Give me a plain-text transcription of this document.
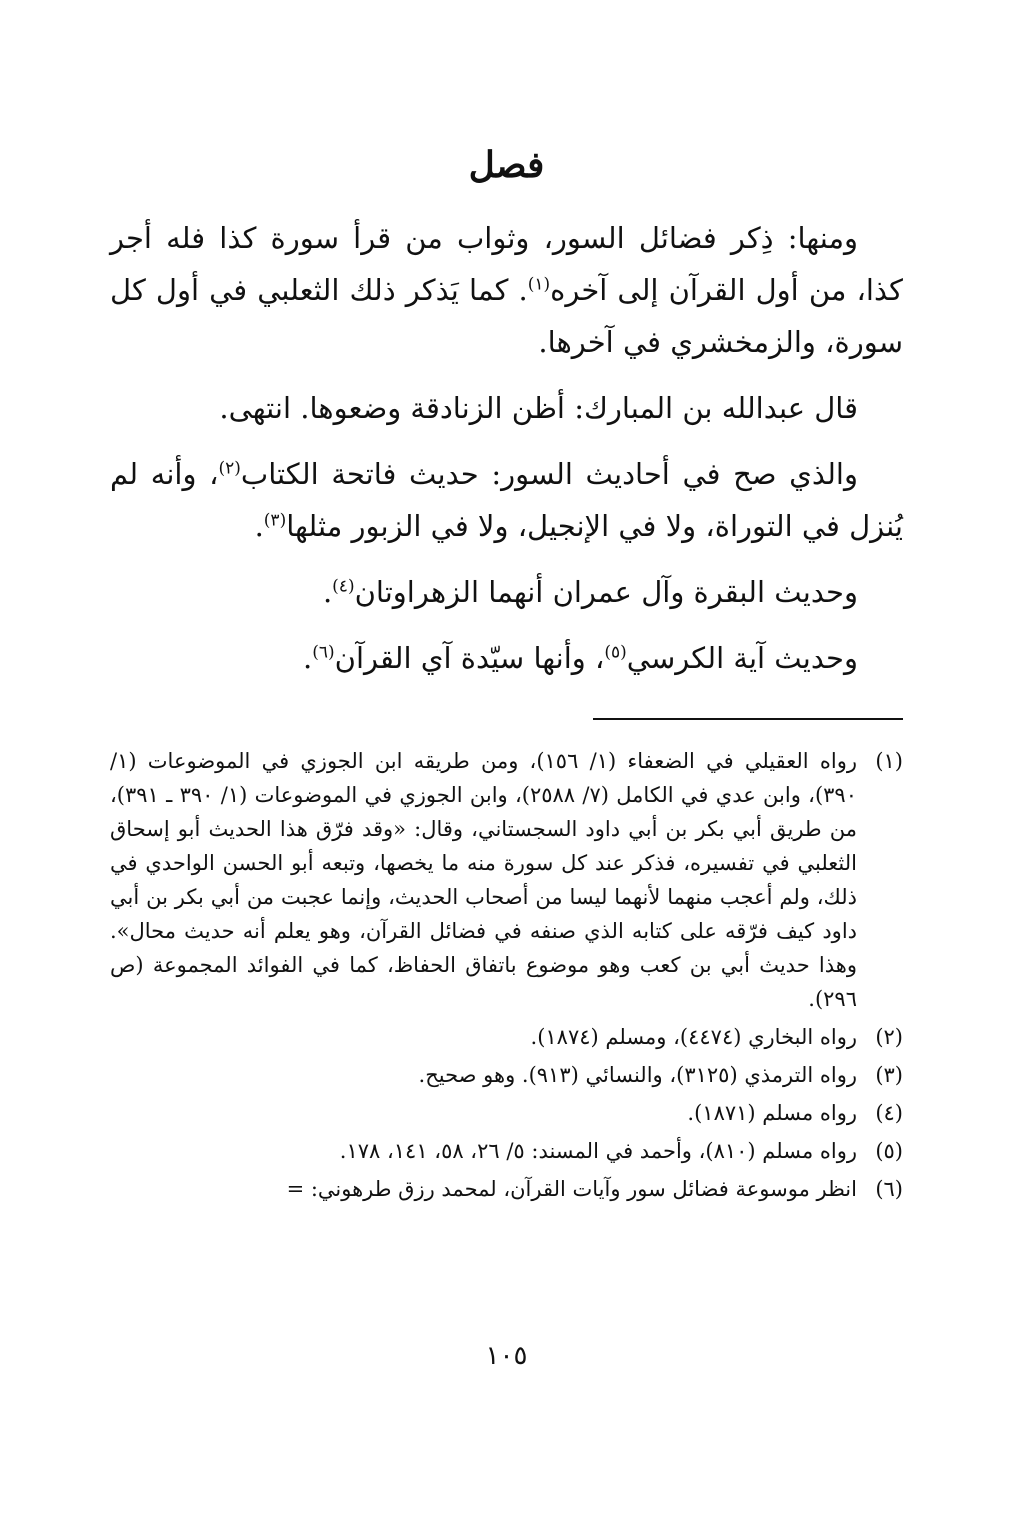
فصل

ومنها: ذِكر فضائل السور، وثواب من قرأ سورة كذا فله أجر كذا، من أول القرآن إلى آخره$^{(١)}$. كما يَذكر ذلك الثعلبي في أول كل سورة، والزمخشري في آخرها.

قال عبدالله بن المبارك: أظن الزنادقة وضعوها. انتهى.

والذي صح في أحاديث السور: حديث فاتحة الكتاب$^{(٢)}$، وأنه لم يُنزل في التوراة، ولا في الإنجيل، ولا في الزبور مثلها$^{(٣)}$.

وحديث البقرة وآل عمران أنهما الزهراوتان$^{(٤)}$.

وحديث آية الكرسي$^{(٥)}$، وأنها سيّدة آي القرآن$^{(٦)}$.

(١)
رواه العقيلي في الضعفاء (١/ ١٥٦)، ومن طريقه ابن الجوزي في الموضوعات (١/ ٣٩٠)، وابن عدي في الكامل (٧/ ٢٥٨٨)، وابن الجوزي في الموضوعات (١/ ٣٩٠ ـ ٣٩١)، من طريق أبي بكر بن أبي داود السجستاني، وقال: «وقد فرّق هذا الحديث أبو إسحاق الثعلبي في تفسيره، فذكر عند كل سورة منه ما يخصها، وتبعه أبو الحسن الواحدي في ذلك، ولم أعجب منهما لأنهما ليسا من أصحاب الحديث، وإنما عجبت من أبي بكر بن أبي داود كيف فرّقه على كتابه الذي صنفه في فضائل القرآن، وهو يعلم أنه حديث محال». وهذا حديث أبي بن كعب وهو موضوع باتفاق الحفاظ، كما في الفوائد المجموعة (ص ٢٩٦).
(٢)
رواه البخاري (٤٤٧٤)، ومسلم (١٨٧٤).
(٣)
رواه الترمذي (٣١٢٥)، والنسائي (٩١٣). وهو صحيح.
(٤)
رواه مسلم (١٨٧١).
(٥)
رواه مسلم (٨١٠)، وأحمد في المسند: ٥/ ٢٦، ٥٨، ١٤١، ١٧٨.
(٦)
انظر موسوعة فضائل سور وآيات القرآن، لمحمد رزق طرهوني: =
١٠٥
